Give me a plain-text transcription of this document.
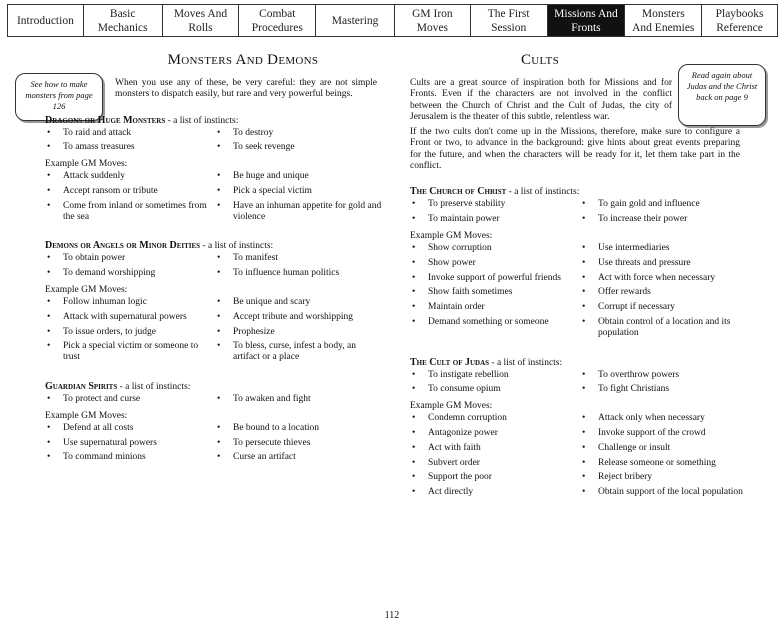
Introduction
Basic
Mechanics
Moves And
Rolls
Combat
Procedures
Mastering
GM Iron
Moves
The First
Session
Missions And
Fronts
Monsters
And Enemies
Playbooks
Reference
See how to make monsters from page 126
Read again about Judas and the Christ back on page 9
Monsters And Demons
When you use any of these, be very careful: they are not simple monsters to dispatch easily, but rare and very powerful beings.
Dragons or Huge Monsters - a list of instincts:
• To raid and attack	• To destroy
• To amass treasures	• To seek revenge
Example GM Moves:
• Attack suddenly	• Be huge and unique
• Accept ransom or tribute	• Pick a special victim
• Come from inland or sometimes from the sea
• Have an inhuman appetite for gold and violence
Demons or Angels or Minor Deities - a list of instincts:
• To obtain power	• To manifest
• To demand worshipping	• To influence human politics
Example GM Moves:
• Follow inhuman logic	• Be unique and scary
• Attack with supernatural powers	• Accept tribute and worshipping
• To issue orders, to judge	• Prophesize
• Pick a special victim or someone to trust
• To bless, curse, infest a body, an artifact or a place
Guardian Spirits - a list of instincts:
• To protect and curse	• To awaken and fight
Example GM Moves:
• Defend at all costs	• Be bound to a location
• Use supernatural powers	• To persecute thieves
• To command minions	• Curse an artifact
Cults
Cults are a great source of inspiration both for Missions and for Fronts. Even if the characters are not involved in the conflict between the Church of Christ and the Cult of Judas, the city of Jerusalem is the theater of this subtle, relentless war.
If the two cults don't come up in the Missions, therefore, make sure to configure a Front or two, to advance in the background: give hints about great events preparing for the future, and when the characters will be ready for it, let them take part in the conflict.
The Church of Christ - a list of instincts:
• To preserve stability	• To gain gold and influence
• To maintain power	• To increase their power
Example GM Moves:
• Show corruption	• Use intermediaries
• Show power	• Use threats and pressure
• Invoke support of powerful friends	• Act with force when necessary
• Show faith sometimes	• Offer rewards
• Maintain order	• Corrupt if necessary
• Demand something or someone	• Obtain control of a location and its population
The Cult of Judas - a list of instincts:
• To instigate rebellion	• To overthrow powers
• To consume opium	• To fight Christians
Example GM Moves:
• Condemn corruption	• Attack only when necessary
• Antagonize power	• Invoke support of the crowd
• Act with faith	• Challenge or insult
• Subvert order	• Release someone or something
• Support the poor	• Reject bribery
• Act directly	• Obtain support of the local population
112
